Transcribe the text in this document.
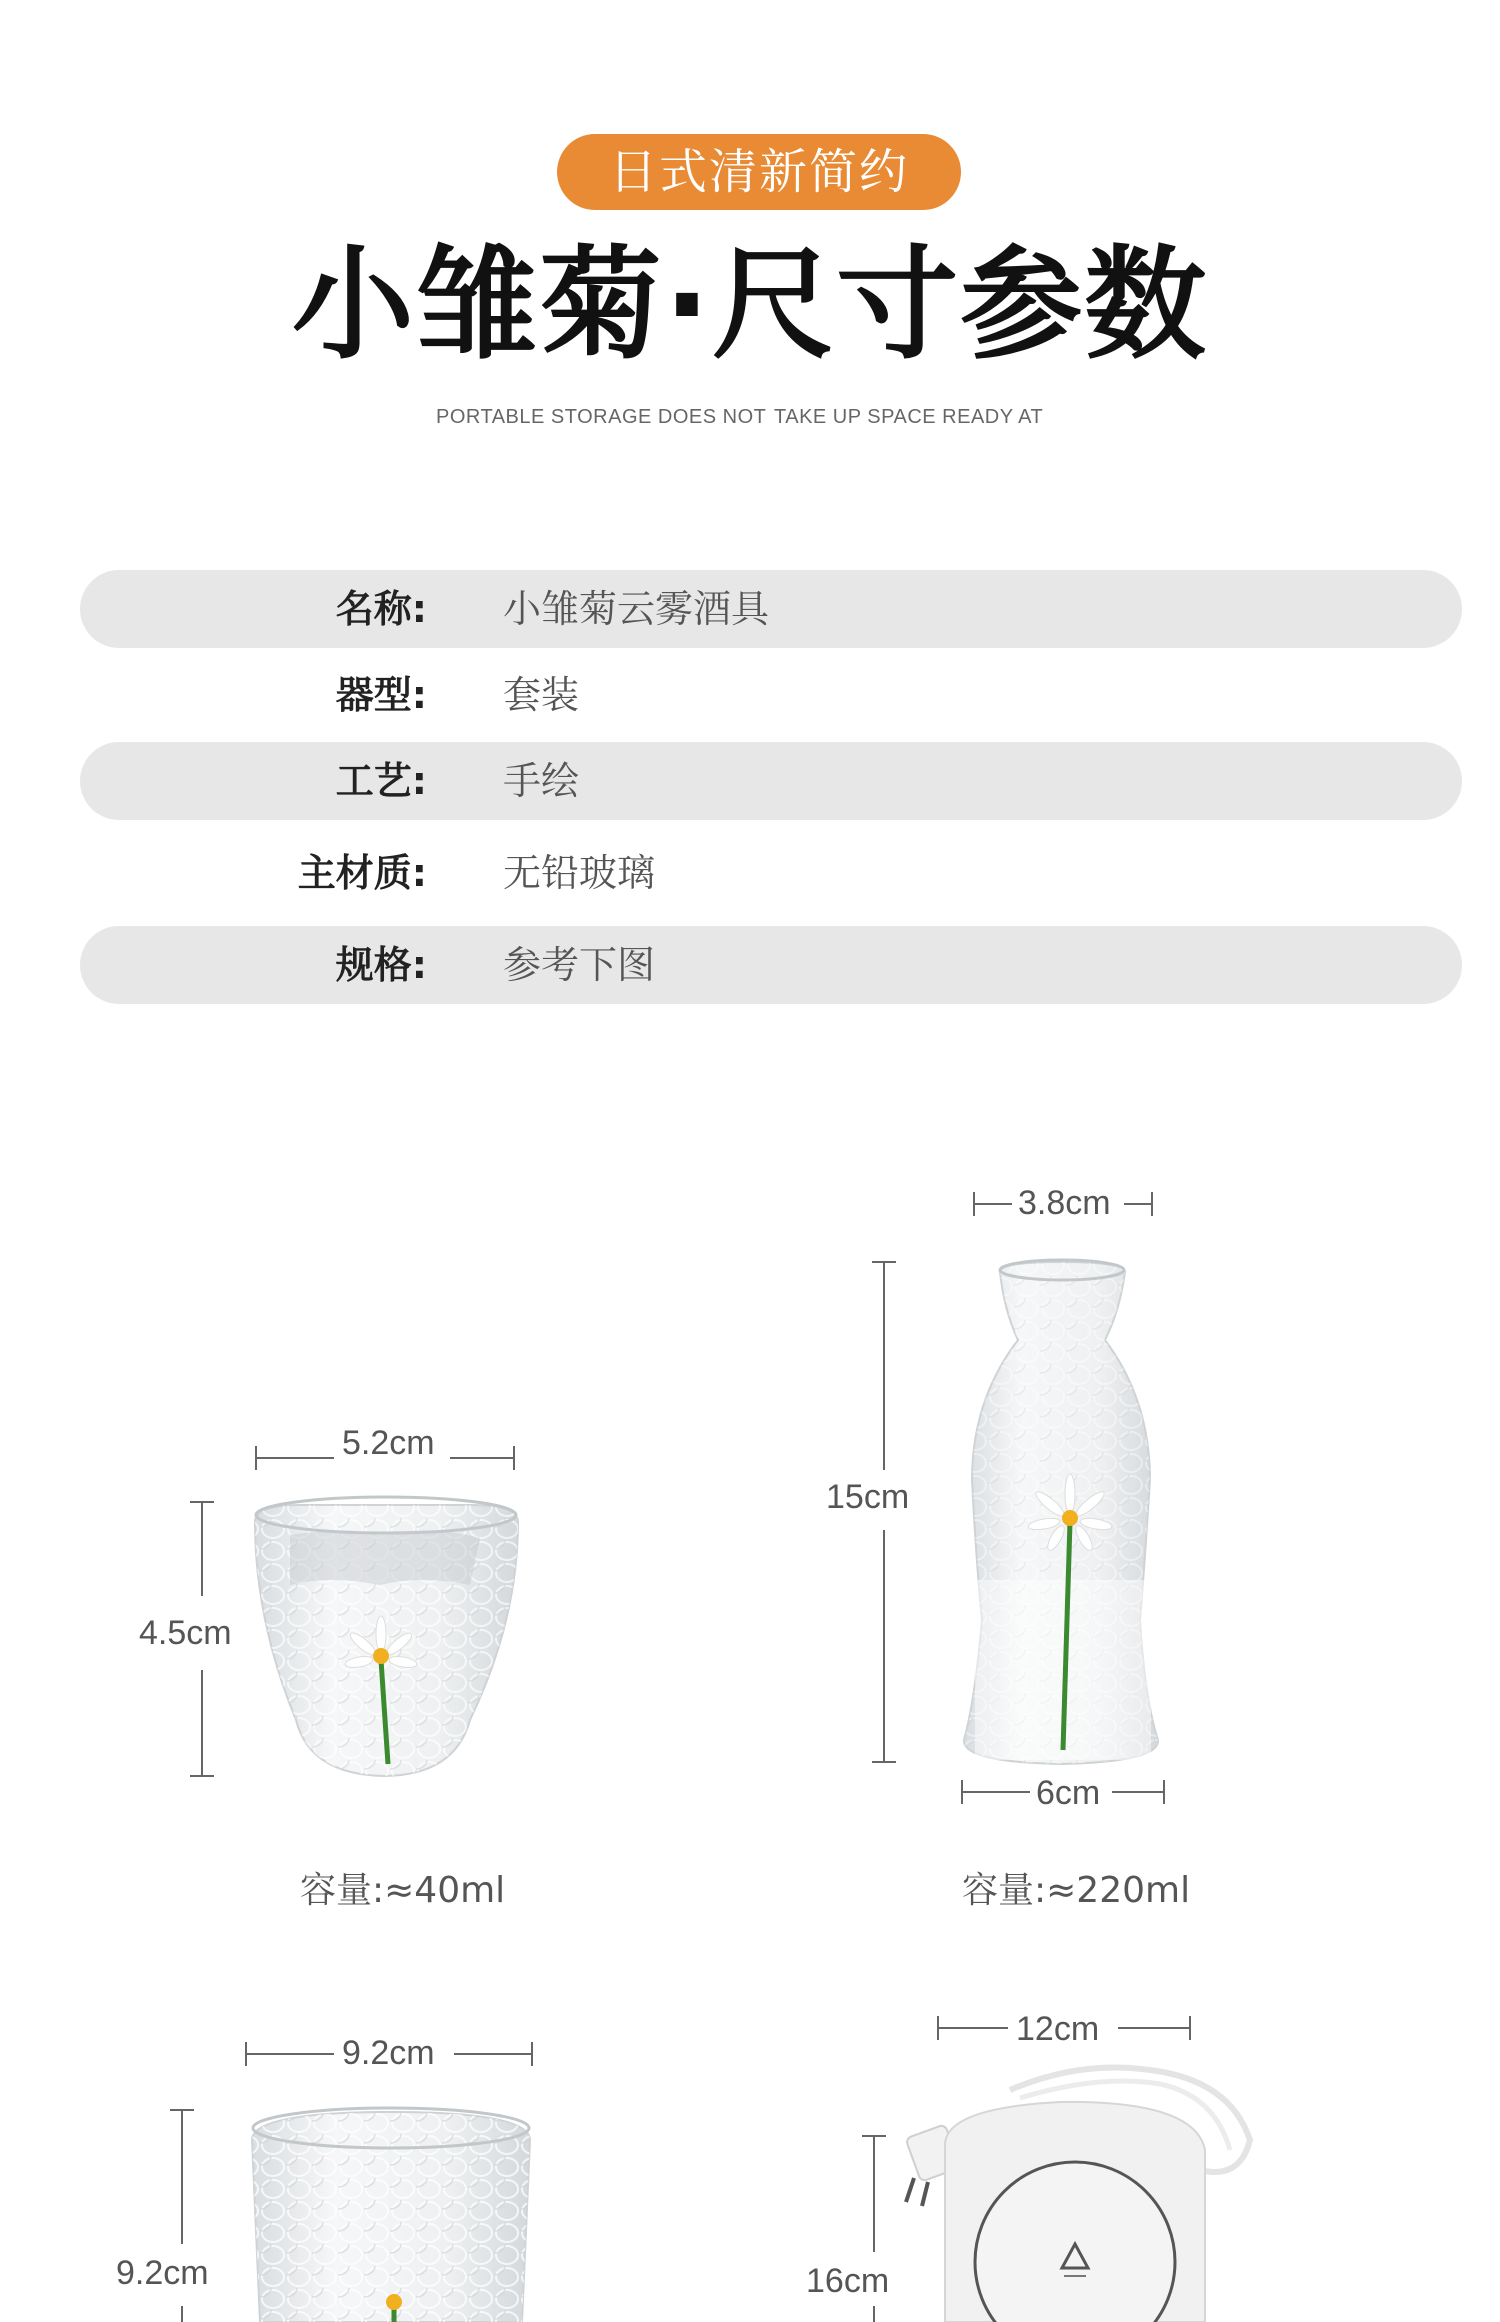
日式清新简约
小雏菊·尺寸参数
PORTABLE STORAGE DOES NOT TAKE UP SPACE READY AT
名称: 小雏菊云雾酒具
器型: 套装
工艺: 手绘
主材质: 无铅玻璃
规格: 参考下图
5.2cm
4.5cm
容量:≈40ml
3.8cm
15cm
6cm
容量:≈220ml
9.2cm
9.2cm
12cm
16cm
